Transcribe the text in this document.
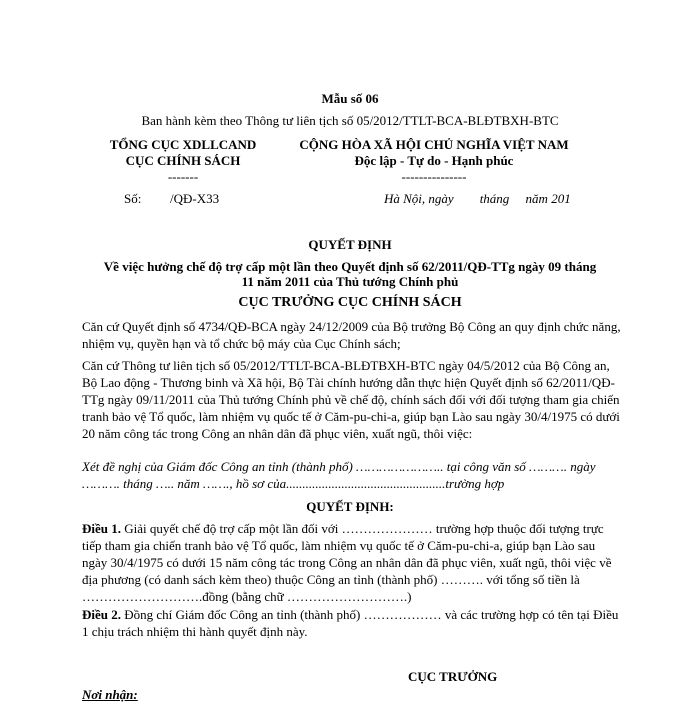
Mẫu số 06
Ban hành kèm theo Thông tư liên tịch số 05/2012/TTLT-BCA-BLĐTBXH-BTC
TỔNG CỤC XDLLCAND
CỤC CHÍNH SÁCH
-------
Số: /QĐ-X33
CỘNG HÒA XÃ HỘI CHỦ NGHĨA VIỆT NAM
Độc lập - Tự do - Hạnh phúc
---------------
Hà Nội, ngày        tháng     năm 201
QUYẾT ĐỊNH
Về việc hưởng chế độ trợ cấp một lần theo Quyết định số 62/2011/QĐ-TTg ngày 09 tháng
11 năm 2011 của Thủ tướng Chính phủ
CỤC TRƯỞNG CỤC CHÍNH SÁCH
Căn cứ Quyết định số 4734/QĐ-BCA ngày 24/12/2009 của Bộ trưởng Bộ Công an quy định chức năng, nhiệm vụ, quyền hạn và tổ chức bộ máy của Cục Chính sách;
Căn cứ Thông tư liên tịch số 05/2012/TTLT-BCA-BLĐTBXH-BTC ngày 04/5/2012 của Bộ Công an, Bộ Lao động - Thương binh và Xã hội, Bộ Tài chính hướng dẫn thực hiện Quyết định số 62/2011/QĐ-TTg ngày 09/11/2011 của Thủ tướng Chính phủ về chế độ, chính sách đối với đối tượng tham gia chiến tranh bảo vệ Tổ quốc, làm nhiệm vụ quốc tế ở Căm-pu-chi-a, giúp bạn Lào sau ngày 30/4/1975 có dưới 20 năm công tác trong Công an nhân dân đã phục viên, xuất ngũ, thôi việc:
Xét đề nghị của Giám đốc Công an tỉnh (thành phố) ………………….. tại công văn số ………. ngày ………. tháng ….. năm ……., hồ sơ của.................................................trường hợp
QUYẾT ĐỊNH:
Điều 1. Giải quyết chế độ trợ cấp một lần đối với ………………… trường hợp thuộc đối tượng trực tiếp tham gia chiến tranh bảo vệ Tổ quốc, làm nhiệm vụ quốc tế ở Căm-pu-chi-a, giúp bạn Lào sau ngày 30/4/1975 có dưới 15 năm công tác trong Công an nhân dân đã phục viên, xuất ngũ, thôi việc về địa phương (có danh sách kèm theo) thuộc Công an tỉnh (thành phố) ………. với tổng số tiền là ……………………….đồng (bằng chữ ……………………….)
Điều 2. Đồng chí Giám đốc Công an tỉnh (thành phố) ……………… và các trường hợp có tên tại Điều 1 chịu trách nhiệm thi hành quyết định này.
CỤC TRƯỞNG
Nơi nhận:
